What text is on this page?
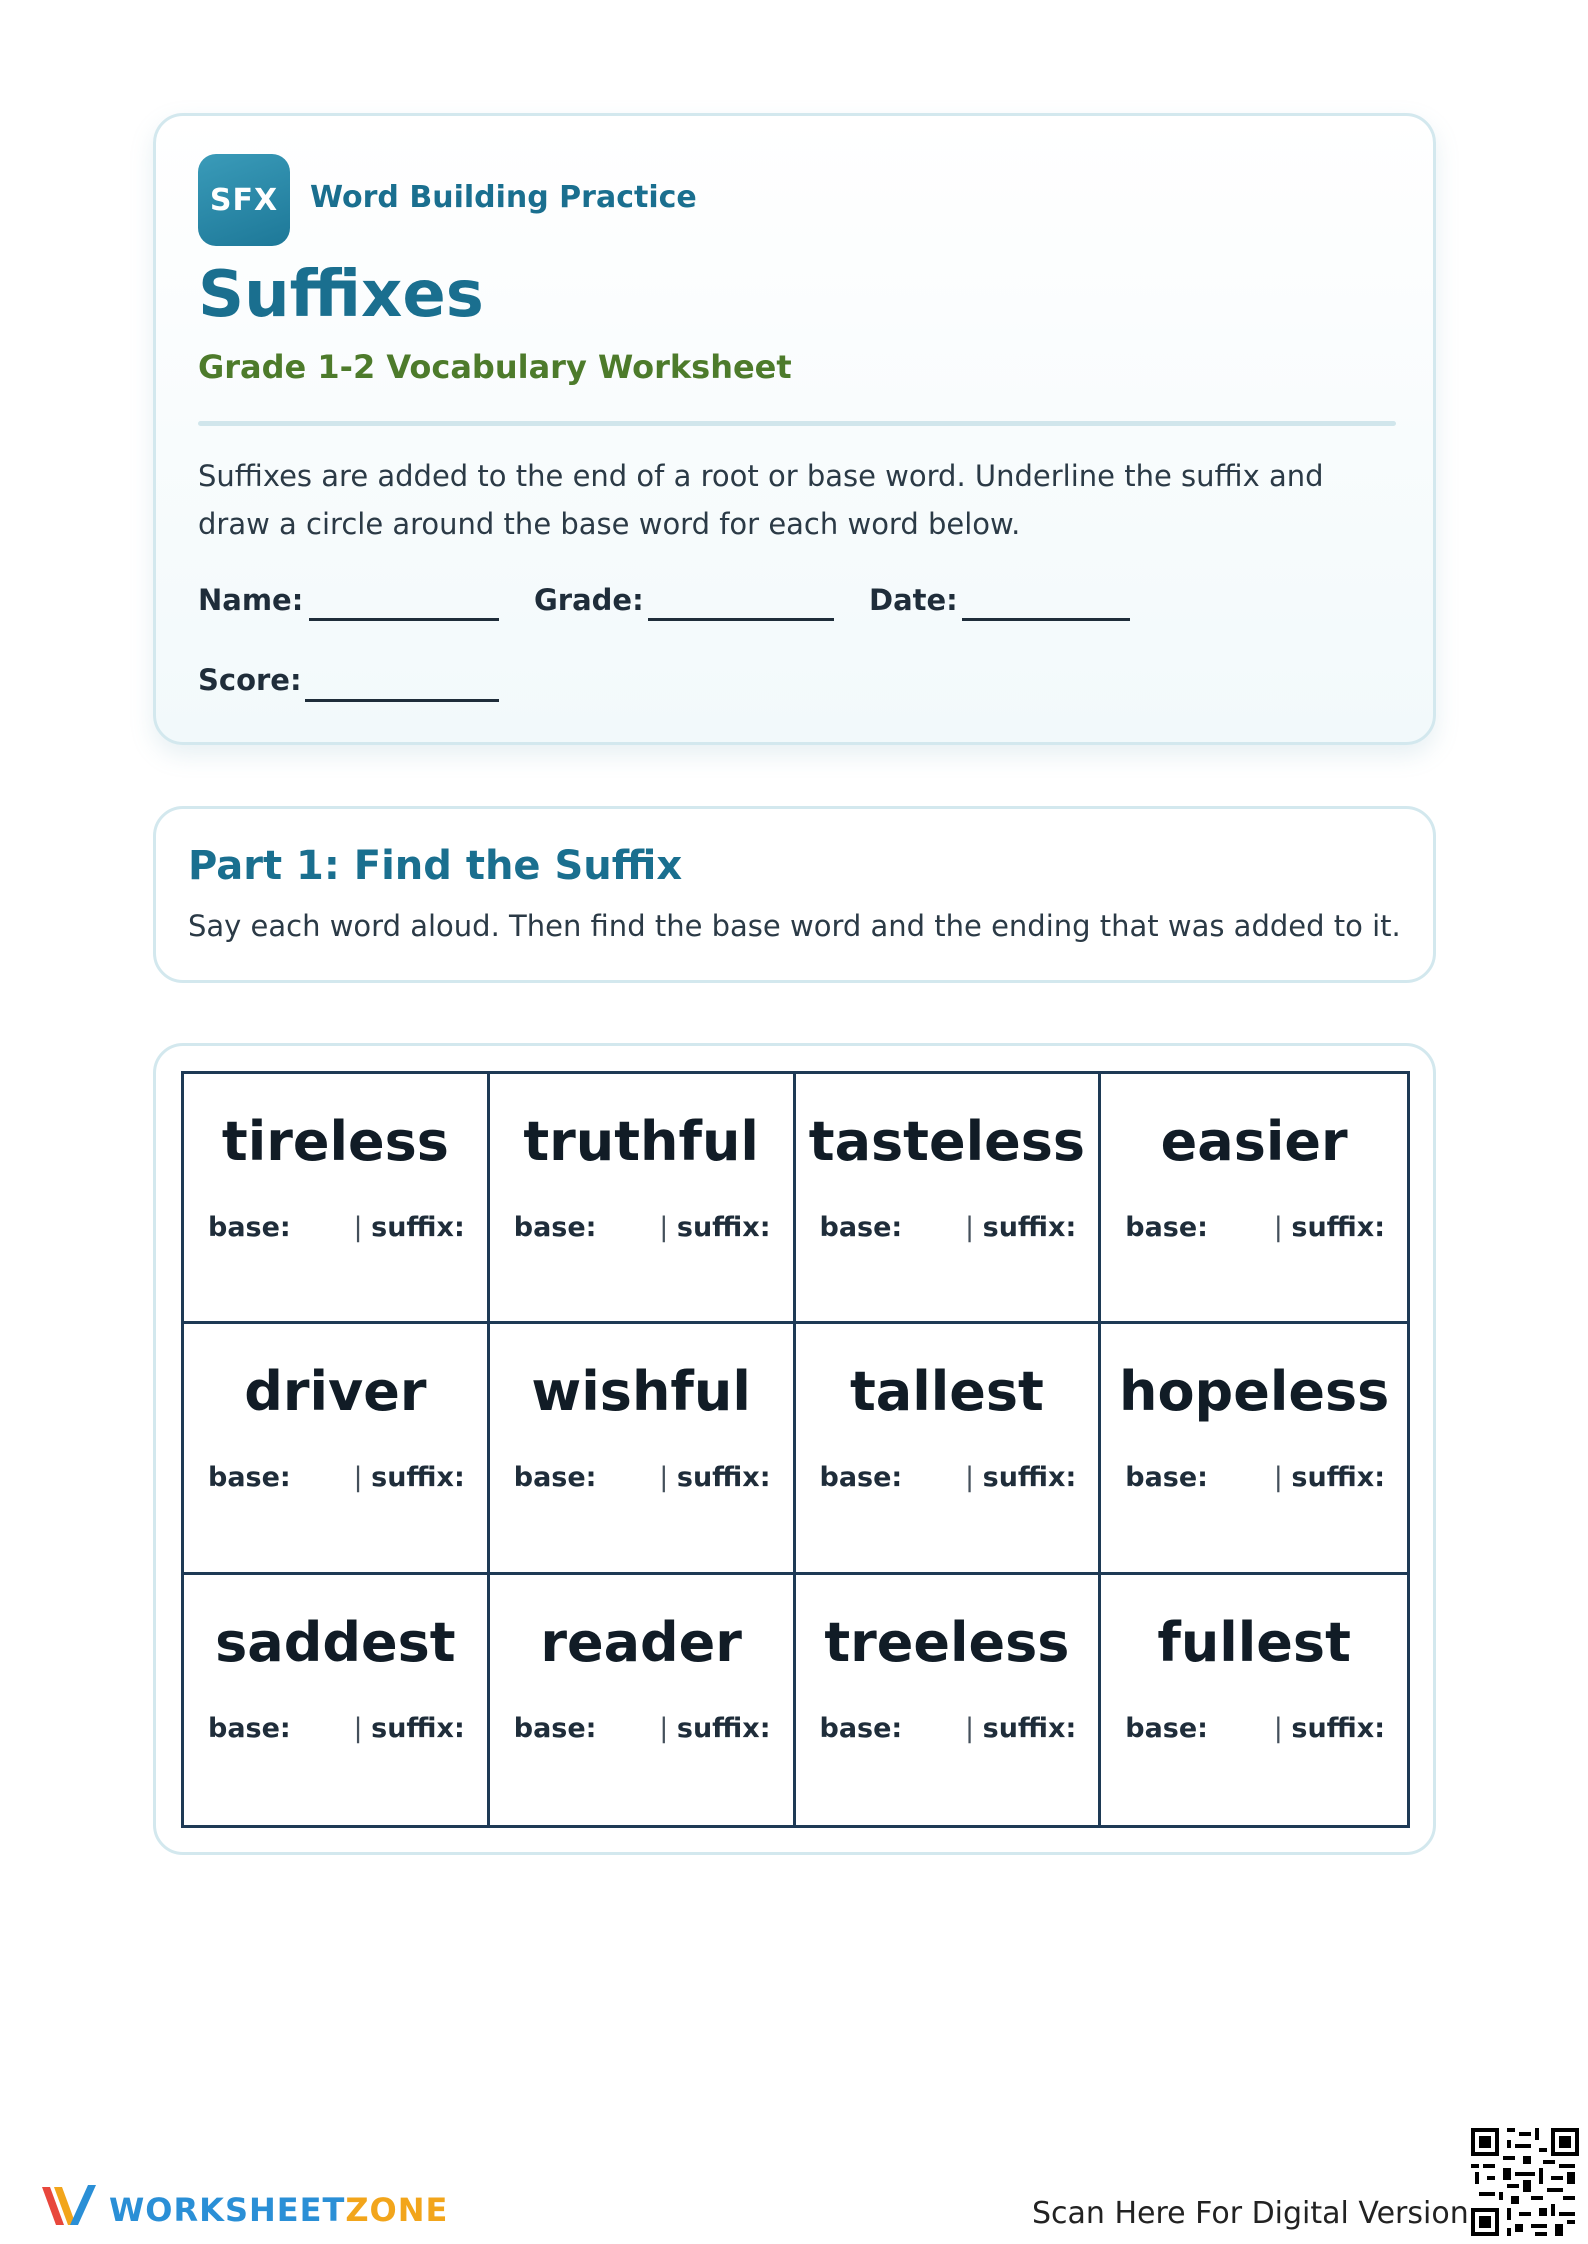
SFX	Word Building Practice
Suffixes
Grade 1-2 Vocabulary Worksheet
Suffixes are added to the end of a root or base word. Underline the suffix and draw a circle around the base word for each word below.
Name:	Grade:	Date:
Score:
Part 1: Find the Suffix
Say each word aloud. Then find the base word and the ending that was added to it.
tireless
base:	| suffix:
truthful
base:	| suffix:
tasteless
base:	| suffix:
easier
base:	| suffix:
driver
base:	| suffix:
wishful
base:	| suffix:
tallest
base:	| suffix:
hopeless
base:	| suffix:
saddest
base:	| suffix:
reader
base:	| suffix:
treeless
base:	| suffix:
fullest
base:	| suffix:
WORKSHEETZONE	Scan Here For Digital Version
